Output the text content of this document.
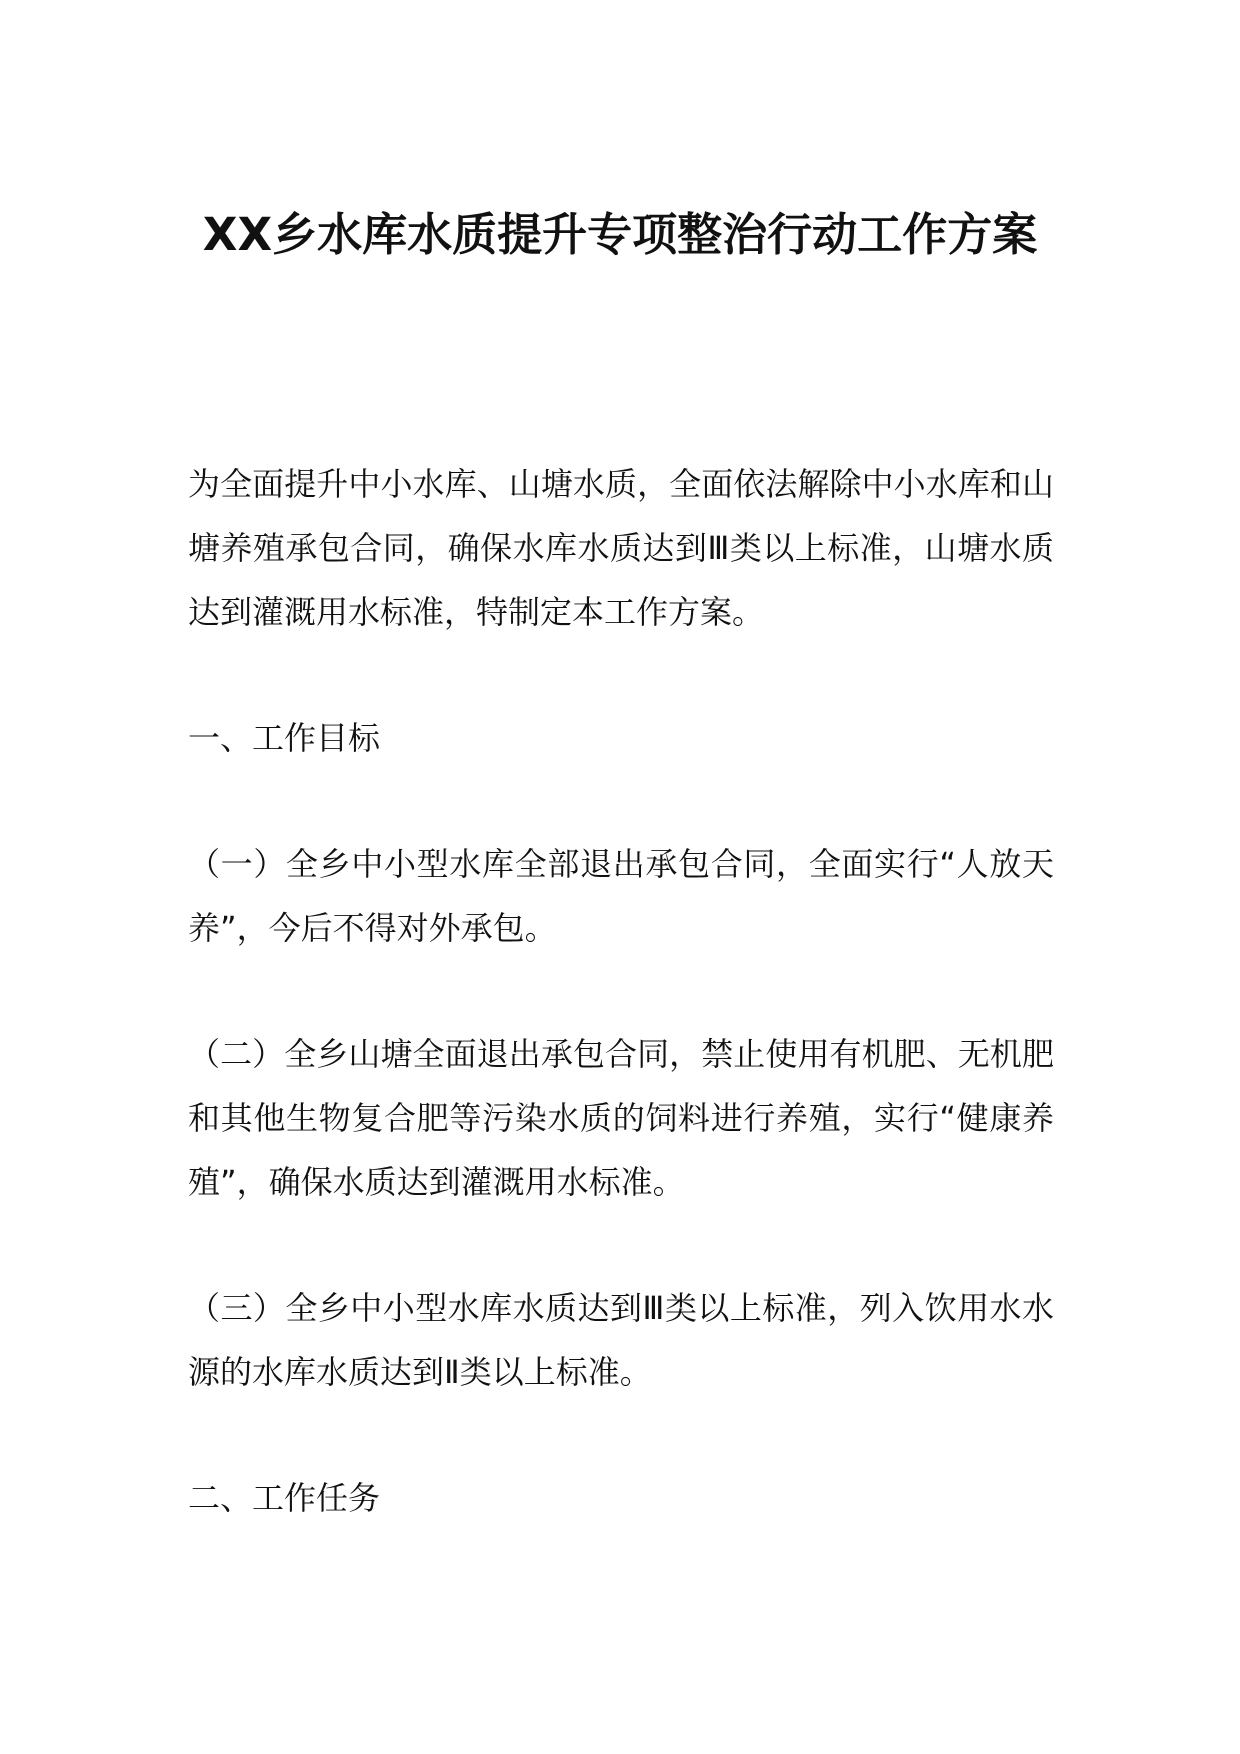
XX乡水库水质提升专项整治行动工作方案

为全面提升中小水库、山塘水质，全面依法解除中小水库和山塘养殖承包合同，确保水库水质达到Ⅲ类以上标准，山塘水质达到灌溉用水标准，特制定本工作方案。

一、工作目标

（一）全乡中小型水库全部退出承包合同，全面实行“人放天养”，今后不得对外承包。

（二）全乡山塘全面退出承包合同，禁止使用有机肥、无机肥和其他生物复合肥等污染水质的饲料进行养殖，实行“健康养殖”，确保水质达到灌溉用水标准。

（三）全乡中小型水库水质达到Ⅲ类以上标准，列入饮用水水源的水库水质达到Ⅱ类以上标准。

二、工作任务
